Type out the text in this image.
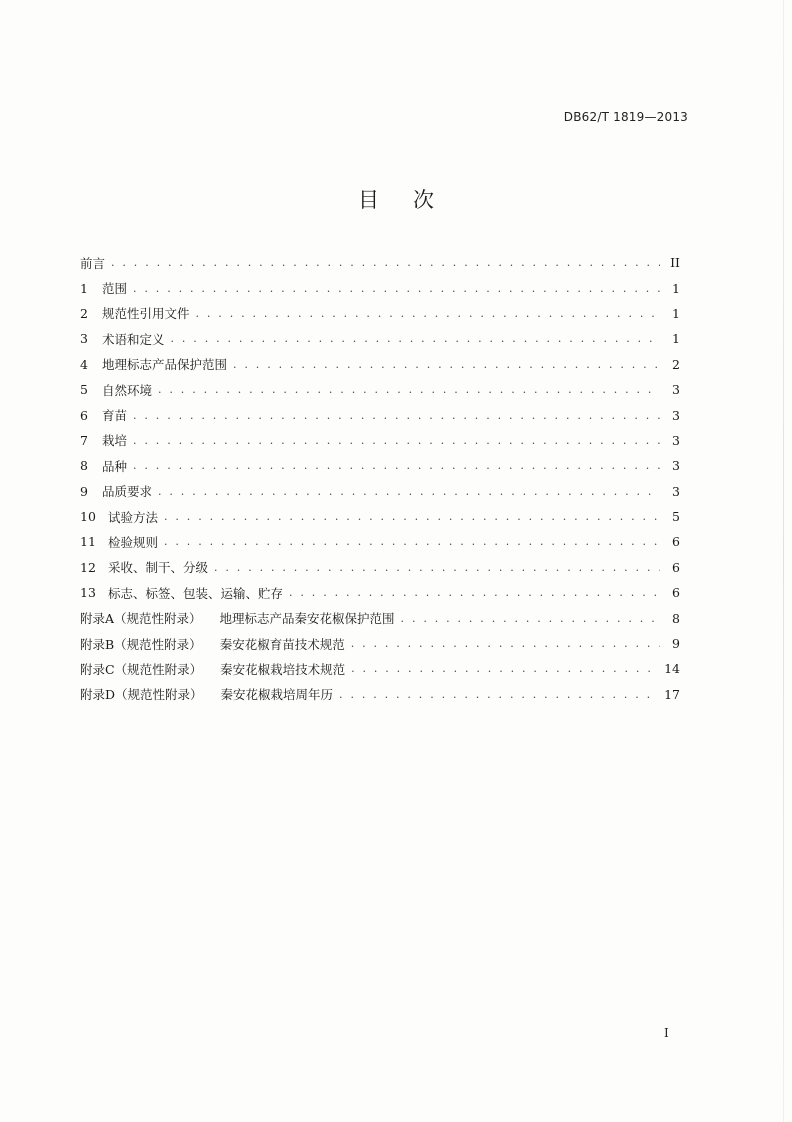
DB62/T 1819—2013
目次
前言 . . .	II
1	范围 . . .	1
2	规范性引用文件 . . .	1
3	术语和定义 . . .	1
4	地理标志产品保护范围 . . .	2
5	自然环境 . . .	3
6	育苗 . . .	3
7	栽培 . . .	3
8	品种 . . .	3
9	品质要求 . . .	3
10 试验方法 . . .	5
11 检验规则 . . .	6
12 采收、制干、分级 . . .	6
13 标志、标签、包装、运输、贮存 . . .	6
附录A（规范性附录） 地理标志产品秦安花椒保护范围 . . .	8
附录B（规范性附录） 秦安花椒育苗技术规范 . . .	9
附录C（规范性附录） 秦安花椒栽培技术规范 . . .	14
附录D（规范性附录） 秦安花椒栽培周年历 . . .	17
I
